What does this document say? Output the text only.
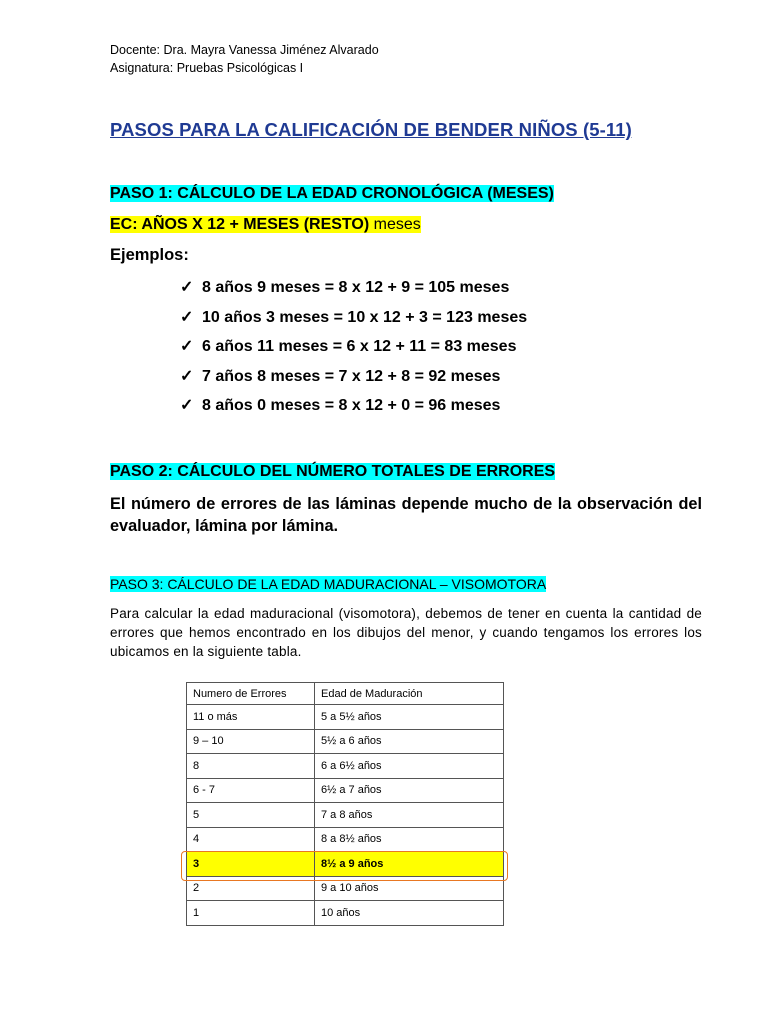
Docente: Dra. Mayra Vanessa Jiménez Alvarado
Asignatura: Pruebas Psicológicas I
PASOS PARA LA CALIFICACIÓN DE BENDER NIÑOS (5-11)
PASO 1: CÁLCULO DE LA EDAD CRONOLÓGICA (MESES)
EC: AÑOS X 12 + MESES (RESTO) meses
Ejemplos:
✓ 8 años 9 meses = 8 x 12 + 9 = 105 meses
✓ 10 años 3 meses = 10 x 12 + 3 = 123 meses
✓ 6 años 11 meses = 6 x 12 + 11 = 83 meses
✓ 7 años 8 meses = 7 x 12 + 8 = 92 meses
✓ 8 años 0 meses = 8 x 12 + 0 = 96 meses
PASO 2: CÁLCULO DEL NÚMERO TOTALES DE ERRORES

El número de errores de las láminas depende mucho de la observación del evaluador, lámina por lámina.

PASO 3: CÁLCULO DE LA EDAD MADURACIONAL – VISOMOTORA

Para calcular la edad maduracional (visomotora), debemos de tener en cuenta la cantidad de errores que hemos encontrado en los dibujos del menor, y cuando tengamos los errores los ubicamos en la siguiente tabla.

Numero de Errores	Edad de Maduración
11 o más	5 a 5½ años
9 – 10	5½ a 6 años
8	6 a 6½ años
6 - 7	6½ a 7 años
5	7 a 8 años
4	8 a 8½ años
3	8½ a 9 años
2	9 a 10 años
1	10 años
